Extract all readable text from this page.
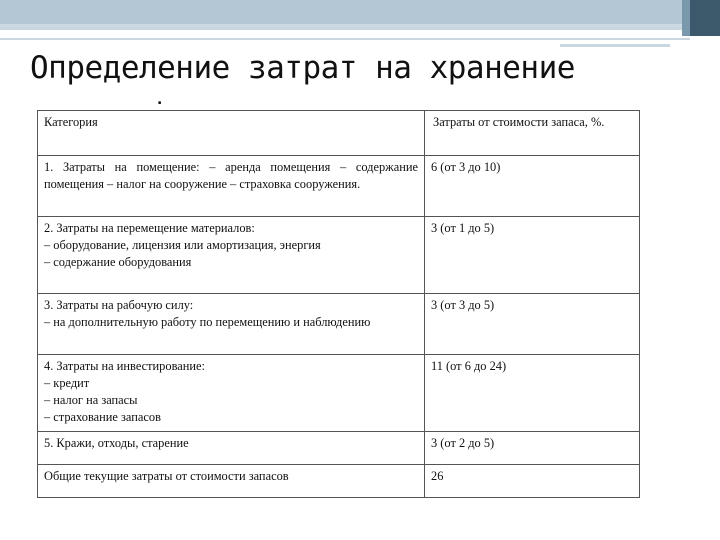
Определение затрат на хранение
.
Категория	Затраты от стоимости запаса, %.

1. Затраты на помещение: – аренда помещения – содержание помещения – налог на сооружение – страховка сооружения.	6 (от 3 до 10)

2. Затраты на перемещение материалов:
– оборудование, лицензия или амортизация, энергия
– содержание оборудования	3 (от 1 до 5)

3. Затраты на рабочую силу:
– на дополнительную работу по перемещению и наблюдению	3 (от 3 до 5)

4. Затраты на инвестирование:
– кредит
– налог на запасы
– страхование запасов	11 (от 6 до 24)
5. Кражи, отходы, старение	3 (от 2 до 5)
Общие текущие затраты от стоимости запасов	26
